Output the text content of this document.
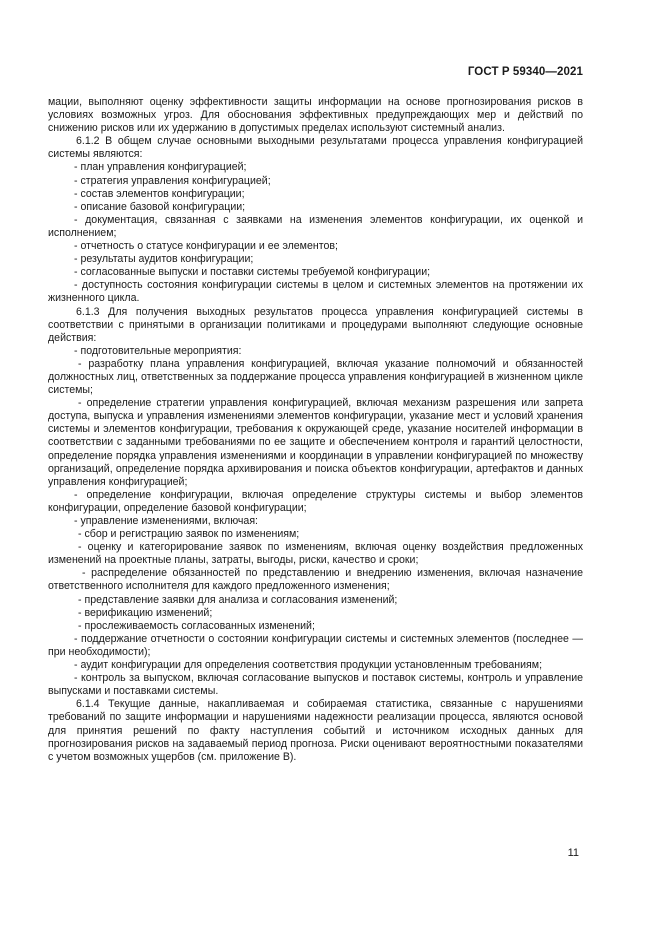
ГОСТ Р 59340—2021

мации, выполняют оценку эффективности защиты информации на основе прогнозирования рисков в условиях возможных угроз. Для обоснования эффективных предупреждающих мер и действий по снижению рисков или их удержанию в допустимых пределах используют системный анализ.

6.1.2 В общем случае основными выходными результатами процесса управления конфигурацией системы являются:

- план управления конфигурацией;

- стратегия управления конфигурацией;

- состав элементов конфигурации;

- описание базовой конфигурации;

- документация, связанная с заявками на изменения элементов конфигурации, их оценкой и исполнением;

- отчетность о статусе конфигурации и ее элементов;

- результаты аудитов конфигурации;

- согласованные выпуски и поставки системы требуемой конфигурации;

- доступность состояния конфигурации системы в целом и системных элементов на протяжении их жизненного цикла.

6.1.3 Для получения выходных результатов процесса управления конфигурацией системы в соответствии с принятыми в организации политиками и процедурами выполняют следующие основные действия:

- подготовительные мероприятия:

- разработку плана управления конфигурацией, включая указание полномочий и обязанностей должностных лиц, ответственных за поддержание процесса управления конфигурацией в жизненном цикле системы;

- определение стратегии управления конфигурацией, включая механизм разрешения или запрета доступа, выпуска и управления изменениями элементов конфигурации, указание мест и условий хранения системы и элементов конфигурации, требования к окружающей среде, указание носителей информации в соответствии с заданными требованиями по ее защите и обеспечением контроля и гарантий целостности, определение порядка управления изменениями и координации в управлении конфигурацией по множеству организаций, определение порядка архивирования и поиска объектов конфигурации, артефактов и данных управления конфигурацией;

- определение конфигурации, включая определение структуры системы и выбор элементов конфигурации, определение базовой конфигурации;

- управление изменениями, включая:

- сбор и регистрацию заявок по изменениям;

- оценку и категорирование заявок по изменениям, включая оценку воздействия предложенных изменений на проектные планы, затраты, выгоды, риски, качество и сроки;

- распределение обязанностей по представлению и внедрению изменения, включая назначение ответственного исполнителя для каждого предложенного изменения;

- представление заявки для анализа и согласования изменений;

- верификацию изменений;

- прослеживаемость согласованных изменений;

- поддержание отчетности о состоянии конфигурации системы и системных элементов (последнее — при необходимости);

- аудит конфигурации для определения соответствия продукции установленным требованиям;

- контроль за выпуском, включая согласование выпусков и поставок системы, контроль и управление выпусками и поставками системы.

6.1.4 Текущие данные, накапливаемая и собираемая статистика, связанные с нарушениями требований по защите информации и нарушениями надежности реализации процесса, являются основой для принятия решений по факту наступления событий и источником исходных данных для прогнозирования рисков на задаваемый период прогноза. Риски оценивают вероятностными показателями с учетом возможных ущербов (см. приложение В).

11
